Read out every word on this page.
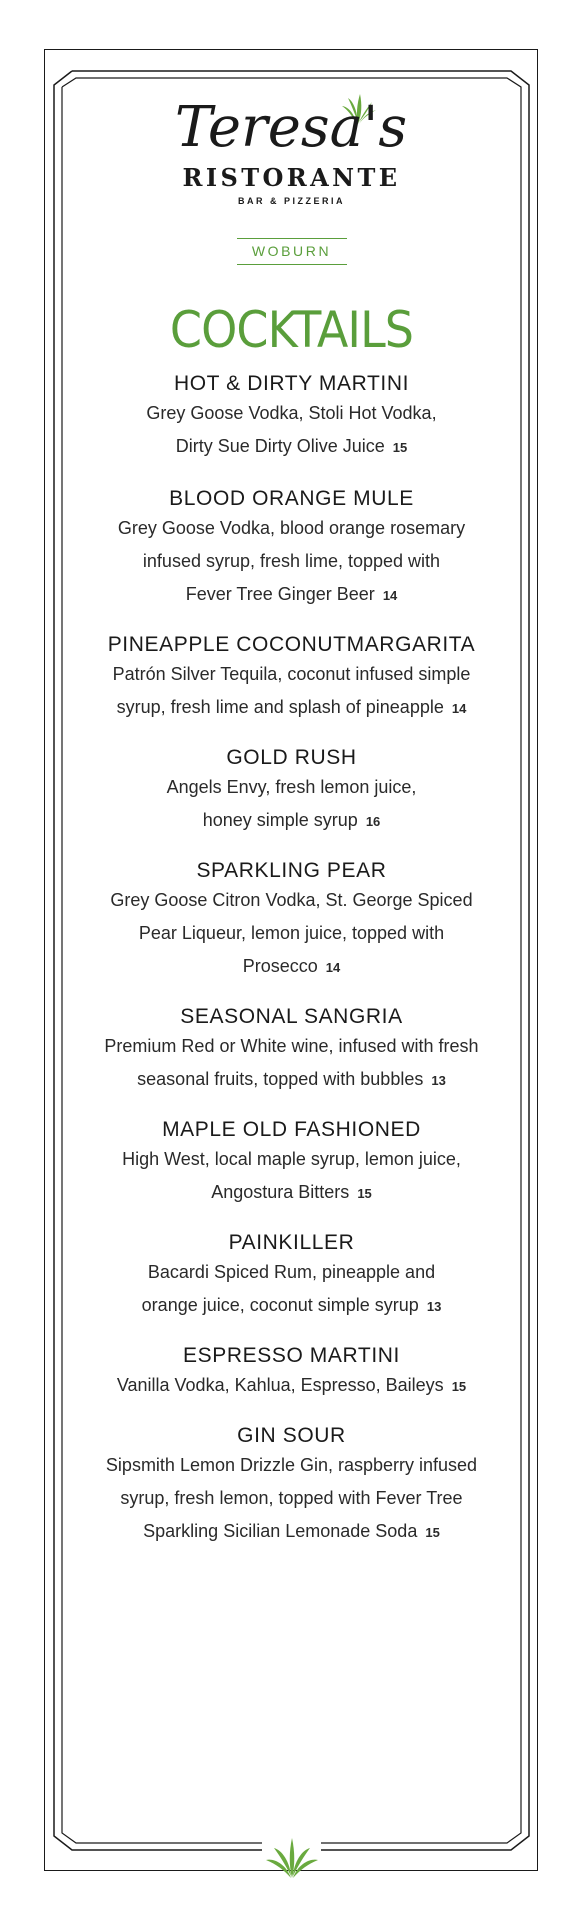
Teresa's
RISTORANTE
BAR & PIZZERIA
WOBURN
COCKTAILS
HOT & DIRTY MARTINI
Grey Goose Vodka, Stoli Hot Vodka,
Dirty Sue Dirty Olive Juice 15
BLOOD ORANGE MULE
Grey Goose Vodka, blood orange rosemary
infused syrup, fresh lime, topped with
Fever Tree Ginger Beer 14
PINEAPPLE COCONUTMARGARITA
Patrón Silver Tequila, coconut infused simple
syrup, fresh lime and splash of pineapple 14
GOLD RUSH
Angels Envy, fresh lemon juice,
honey simple syrup 16
SPARKLING PEAR
Grey Goose Citron Vodka, St. George Spiced
Pear Liqueur, lemon juice, topped with
Prosecco 14
SEASONAL SANGRIA
Premium Red or White wine, infused with fresh
seasonal fruits, topped with bubbles 13
MAPLE OLD FASHIONED
High West, local maple syrup, lemon juice,
Angostura Bitters 15
PAINKILLER
Bacardi Spiced Rum, pineapple and
orange juice, coconut simple syrup 13
ESPRESSO MARTINI
Vanilla Vodka, Kahlua, Espresso, Baileys 15
GIN SOUR
Sipsmith Lemon Drizzle Gin, raspberry infused
syrup, fresh lemon, topped with Fever Tree
Sparkling Sicilian Lemonade Soda 15
